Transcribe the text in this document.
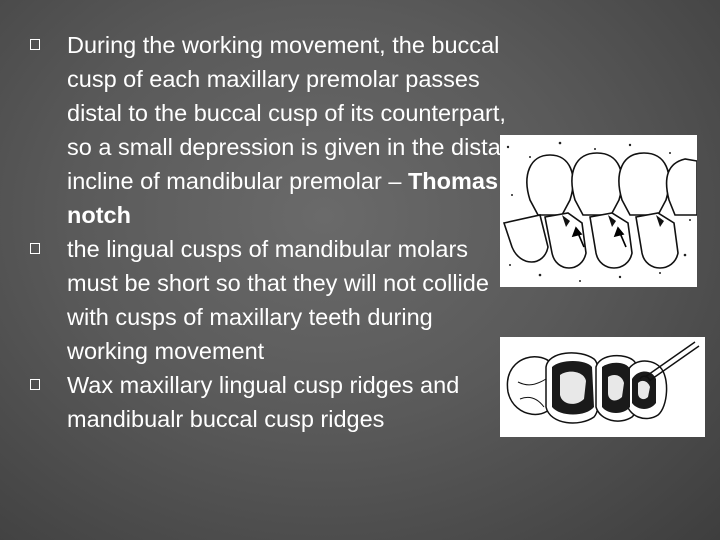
During the working movement, the buccal cusp of each maxillary premolar passes distal to the buccal cusp of its counterpart, so a small depression is given in the distal incline of mandibular premolar – Thomas notch
the lingual cusps of mandibular molars must be short so that they will not collide with cusps of maxillary teeth during working movement
Wax maxillary lingual cusp ridges and mandibualr buccal cusp ridges
